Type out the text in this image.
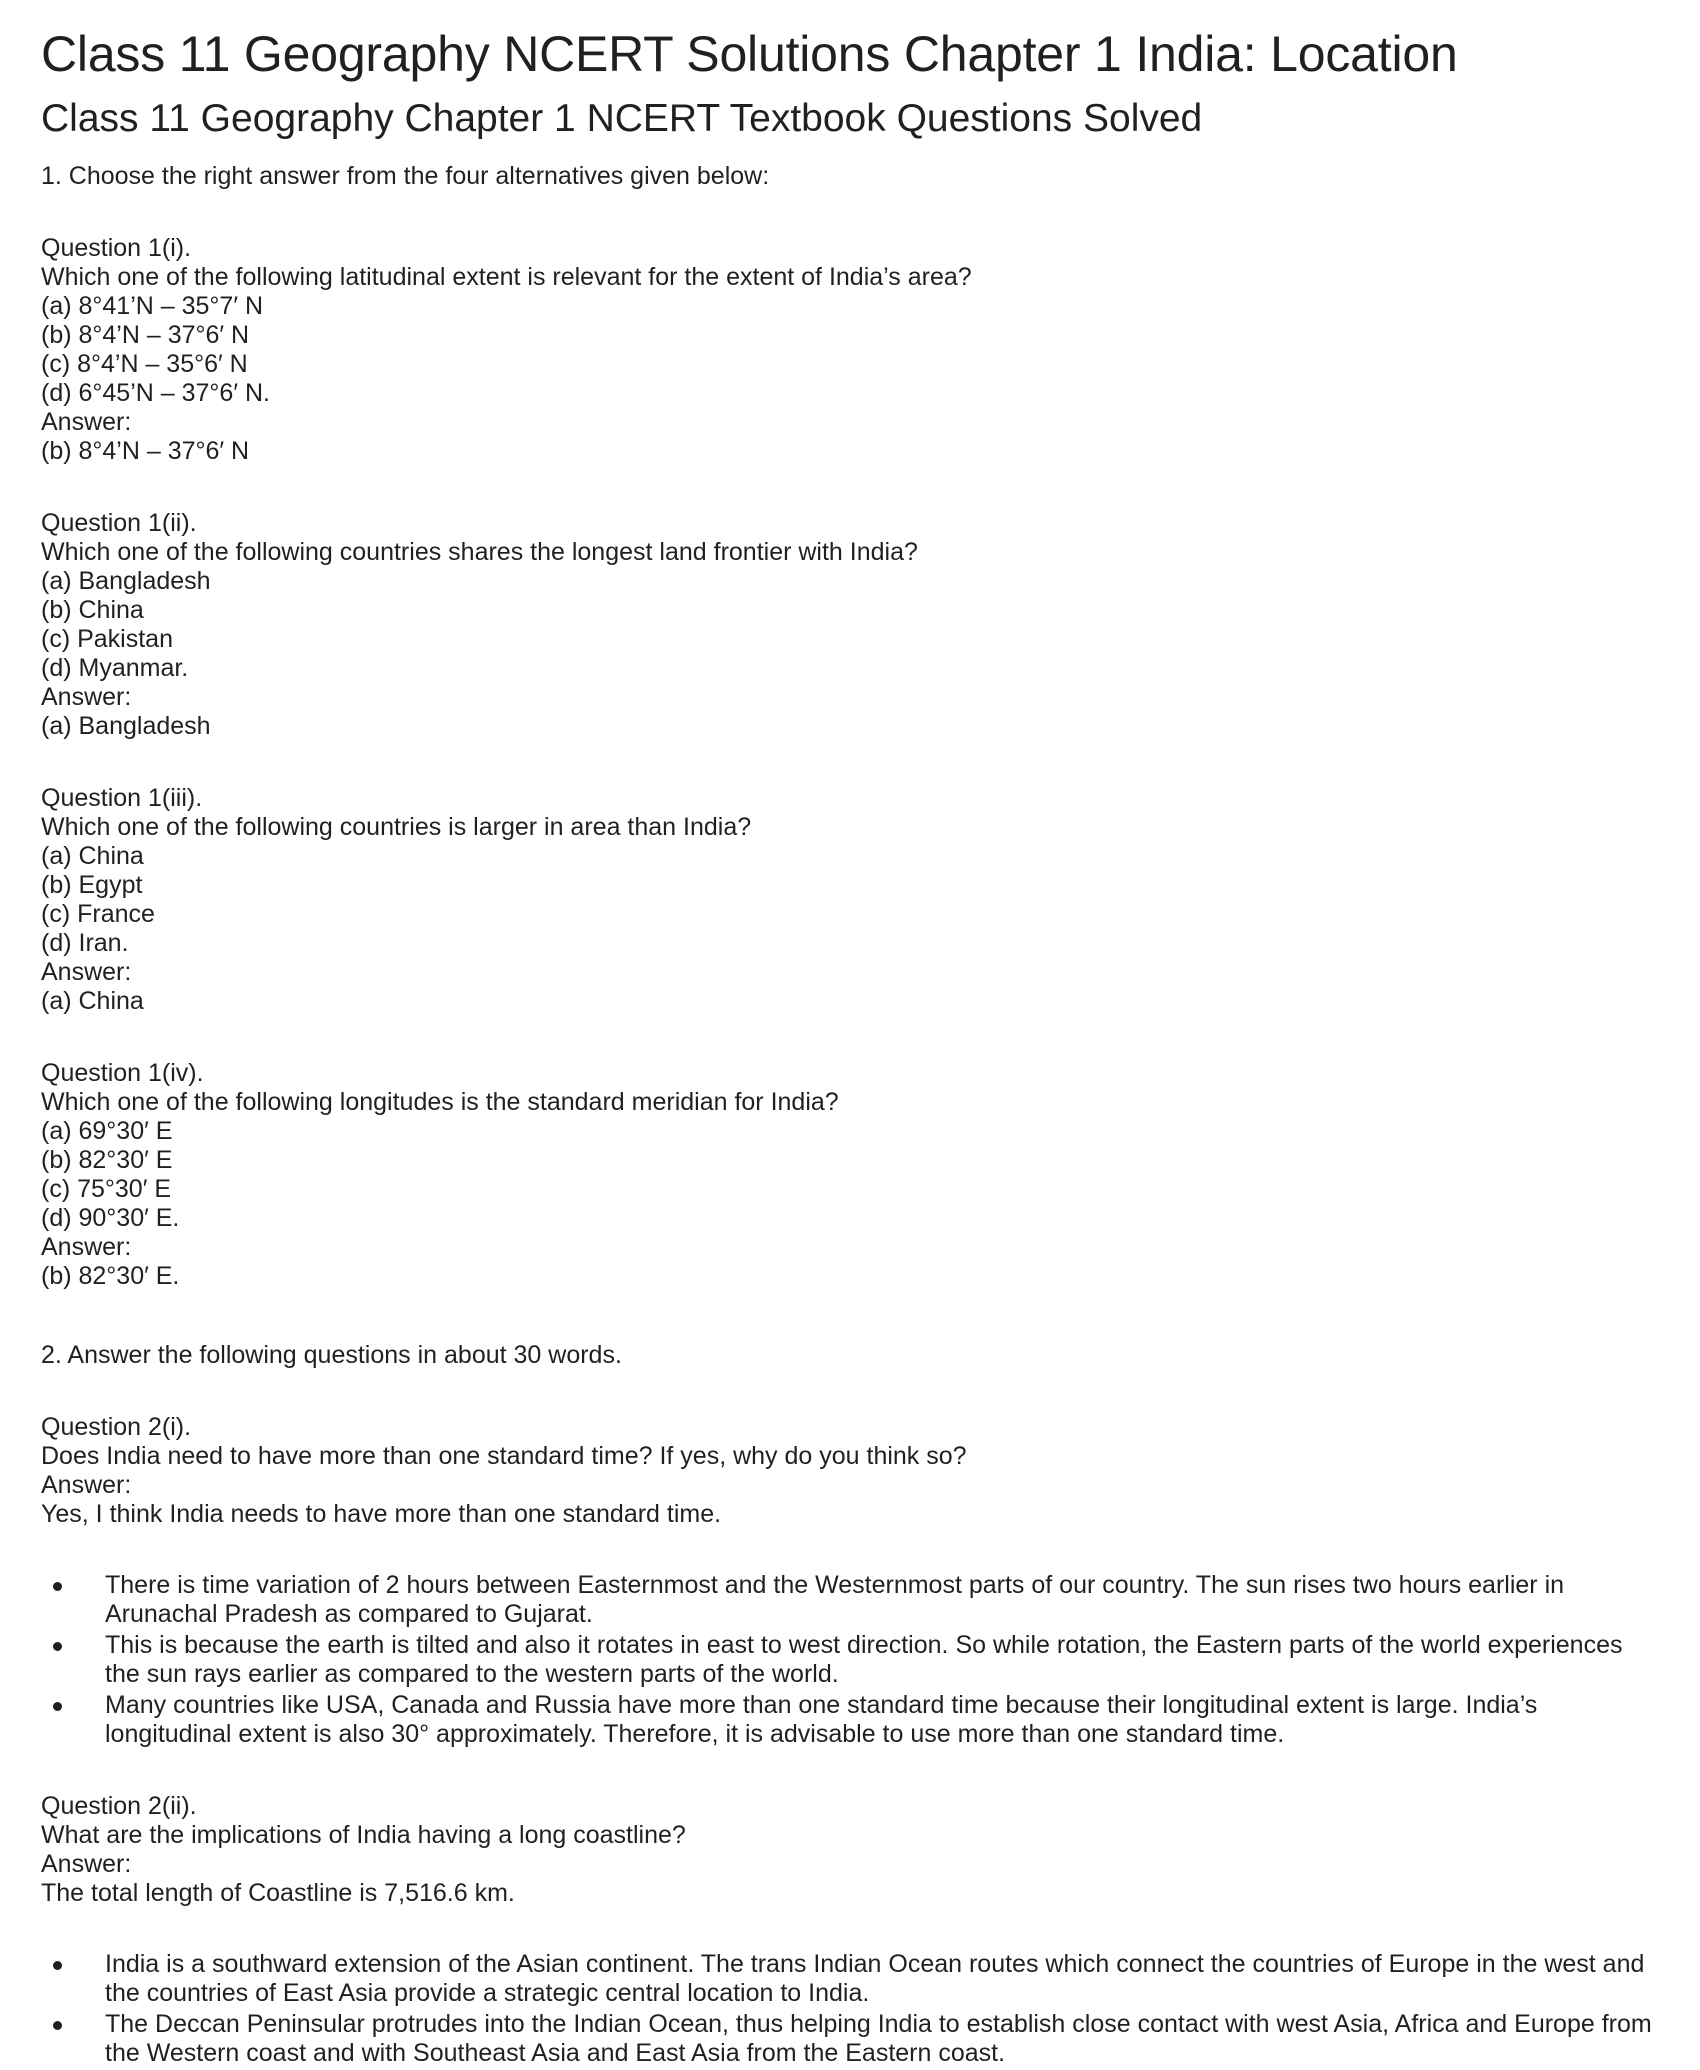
Class 11 Geography NCERT Solutions Chapter 1 India: Location
Class 11 Geography Chapter 1 NCERT Textbook Questions Solved
1. Choose the right answer from the four alternatives given below:
Question 1(i).
Which one of the following latitudinal extent is relevant for the extent of India’s area?
(a) 8°41’N – 35°7′ N
(b) 8°4’N – 37°6′ N
(c) 8°4’N – 35°6′ N
(d) 6°45’N – 37°6′ N.
Answer:
(b) 8°4’N – 37°6′ N
Question 1(ii).
Which one of the following countries shares the longest land frontier with India?
(a) Bangladesh
(b) China
(c) Pakistan
(d) Myanmar.
Answer:
(a) Bangladesh
Question 1(iii).
Which one of the following countries is larger in area than India?
(a) China
(b) Egypt
(c) France
(d) Iran.
Answer:
(a) China
Question 1(iv).
Which one of the following longitudes is the standard meridian for India?
(a) 69°30′ E
(b) 82°30′ E
(c) 75°30′ E
(d) 90°30′ E.
Answer:
(b) 82°30′ E.
2. Answer the following questions in about 30 words.
Question 2(i).
Does India need to have more than one standard time? If yes, why do you think so?
Answer:
Yes, I think India needs to have more than one standard time.
There is time variation of 2 hours between Easternmost and the Westernmost parts of our country. The sun rises two hours earlier in
Arunachal Pradesh as compared to Gujarat.
This is because the earth is tilted and also it rotates in east to west direction. So while rotation, the Eastern parts of the world experiences
the sun rays earlier as compared to the western parts of the world.
Many countries like USA, Canada and Russia have more than one standard time because their longitudinal extent is large. India’s
longitudinal extent is also 30° approximately. Therefore, it is advisable to use more than one standard time.
Question 2(ii).
What are the implications of India having a long coastline?
Answer:
The total length of Coastline is 7,516.6 km.
India is a southward extension of the Asian continent. The trans Indian Ocean routes which connect the countries of Europe in the west and
the countries of East Asia provide a strategic central location to India.
The Deccan Peninsular protrudes into the Indian Ocean, thus helping India to establish close contact with west Asia, Africa and Europe from
the Western coast and with Southeast Asia and East Asia from the Eastern coast.
